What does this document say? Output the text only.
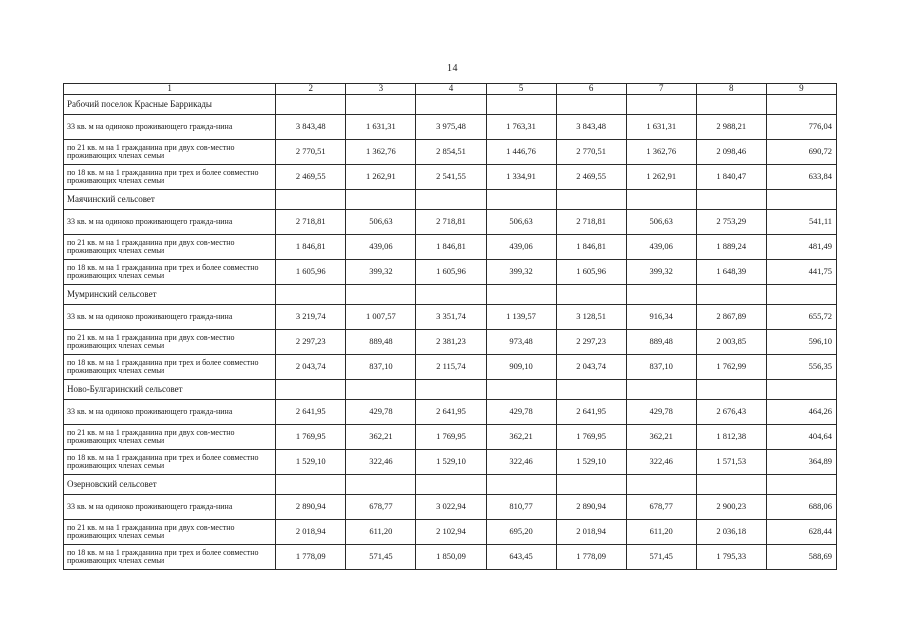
14
1	2	3	4	5	6	7	8	9
Рабочий поселок Красные Баррикады								
33 кв. м на одиноко проживающего гражда-нина	3 843,48	1 631,31	3 975,48	1 763,31	3 843,48	1 631,31	2 988,21	776,04
по 21 кв. м на 1 гражданина при двух сов-местно проживающих членах семьи	2 770,51	1 362,76	2 854,51	1 446,76	2 770,51	1 362,76	2 098,46	690,72
по 18 кв. м на 1 гражданина при трех и более совместно проживающих членах семьи	2 469,55	1 262,91	2 541,55	1 334,91	2 469,55	1 262,91	1 840,47	633,84
Маячинский сельсовет								
33 кв. м на одиноко проживающего гражда-нина	2 718,81	506,63	2 718,81	506,63	2 718,81	506,63	2 753,29	541,11
по 21 кв. м на 1 гражданина при двух сов-местно проживающих членах семьи	1 846,81	439,06	1 846,81	439,06	1 846,81	439,06	1 889,24	481,49
по 18 кв. м на 1 гражданина при трех и более совместно проживающих членах семьи	1 605,96	399,32	1 605,96	399,32	1 605,96	399,32	1 648,39	441,75
Мумринский сельсовет								
33 кв. м на одиноко проживающего гражда-нина	3 219,74	1 007,57	3 351,74	1 139,57	3 128,51	916,34	2 867,89	655,72
по 21 кв. м на 1 гражданина при двух сов-местно проживающих членах семьи	2 297,23	889,48	2 381,23	973,48	2 297,23	889,48	2 003,85	596,10
по 18 кв. м на 1 гражданина при трех и более совместно проживающих членах семьи	2 043,74	837,10	2 115,74	909,10	2 043,74	837,10	1 762,99	556,35
Ново-Булгаринский сельсовет								
33 кв. м на одиноко проживающего гражда-нина	2 641,95	429,78	2 641,95	429,78	2 641,95	429,78	2 676,43	464,26
по 21 кв. м на 1 гражданина при двух сов-местно проживающих членах семьи	1 769,95	362,21	1 769,95	362,21	1 769,95	362,21	1 812,38	404,64
по 18 кв. м на 1 гражданина при трех и более совместно проживающих членах семьи	1 529,10	322,46	1 529,10	322,46	1 529,10	322,46	1 571,53	364,89
Озерновский сельсовет								
33 кв. м на одиноко проживающего гражда-нина	2 890,94	678,77	3 022,94	810,77	2 890,94	678,77	2 900,23	688,06
по 21 кв. м на 1 гражданина при двух сов-местно проживающих членах семьи	2 018,94	611,20	2 102,94	695,20	2 018,94	611,20	2 036,18	628,44
по 18 кв. м на 1 гражданина при трех и более совместно проживающих членах семьи	1 778,09	571,45	1 850,09	643,45	1 778,09	571,45	1 795,33	588,69
